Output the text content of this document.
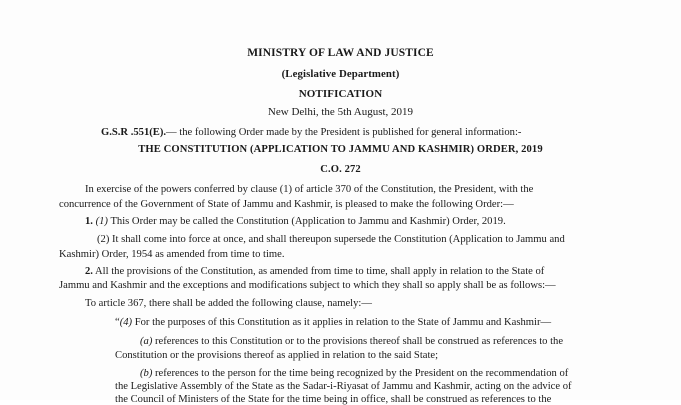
MINISTRY OF LAW AND JUSTICE
(Legislative Department)
NOTIFICATION
New Delhi, the 5th August, 2019
G.S.R .551(E).— the following Order made by the President is published for general information:-
THE CONSTITUTION (APPLICATION TO JAMMU AND KASHMIR) ORDER, 2019
C.O. 272
In exercise of the powers conferred by clause (1) of article 370 of the Constitution, the President, with the
concurrence of the Government of State of Jammu and Kashmir, is pleased to make the following Order:—
1. (1) This Order may be called the Constitution (Application to Jammu and Kashmir) Order, 2019.
(2) It shall come into force at once, and shall thereupon supersede the Constitution (Application to Jammu and
Kashmir) Order, 1954 as amended from time to time.
2. All the provisions of the Constitution, as amended from time to time, shall apply in relation to the State of
Jammu and Kashmir and the exceptions and modifications subject to which they shall so apply shall be as follows:—
To article 367, there shall be added the following clause, namely:—
“(4) For the purposes of this Constitution as it applies in relation to the State of Jammu and Kashmir—
(a) references to this Constitution or to the provisions thereof shall be construed as references to the
Constitution or the provisions thereof as applied in relation to the said State;
(b) references to the person for the time being recognized by the President on the recommendation of
the Legislative Assembly of the State as the Sadar-i-Riyasat of Jammu and Kashmir, acting on the advice of
the Council of Ministers of the State for the time being in office, shall be construed as references to the
